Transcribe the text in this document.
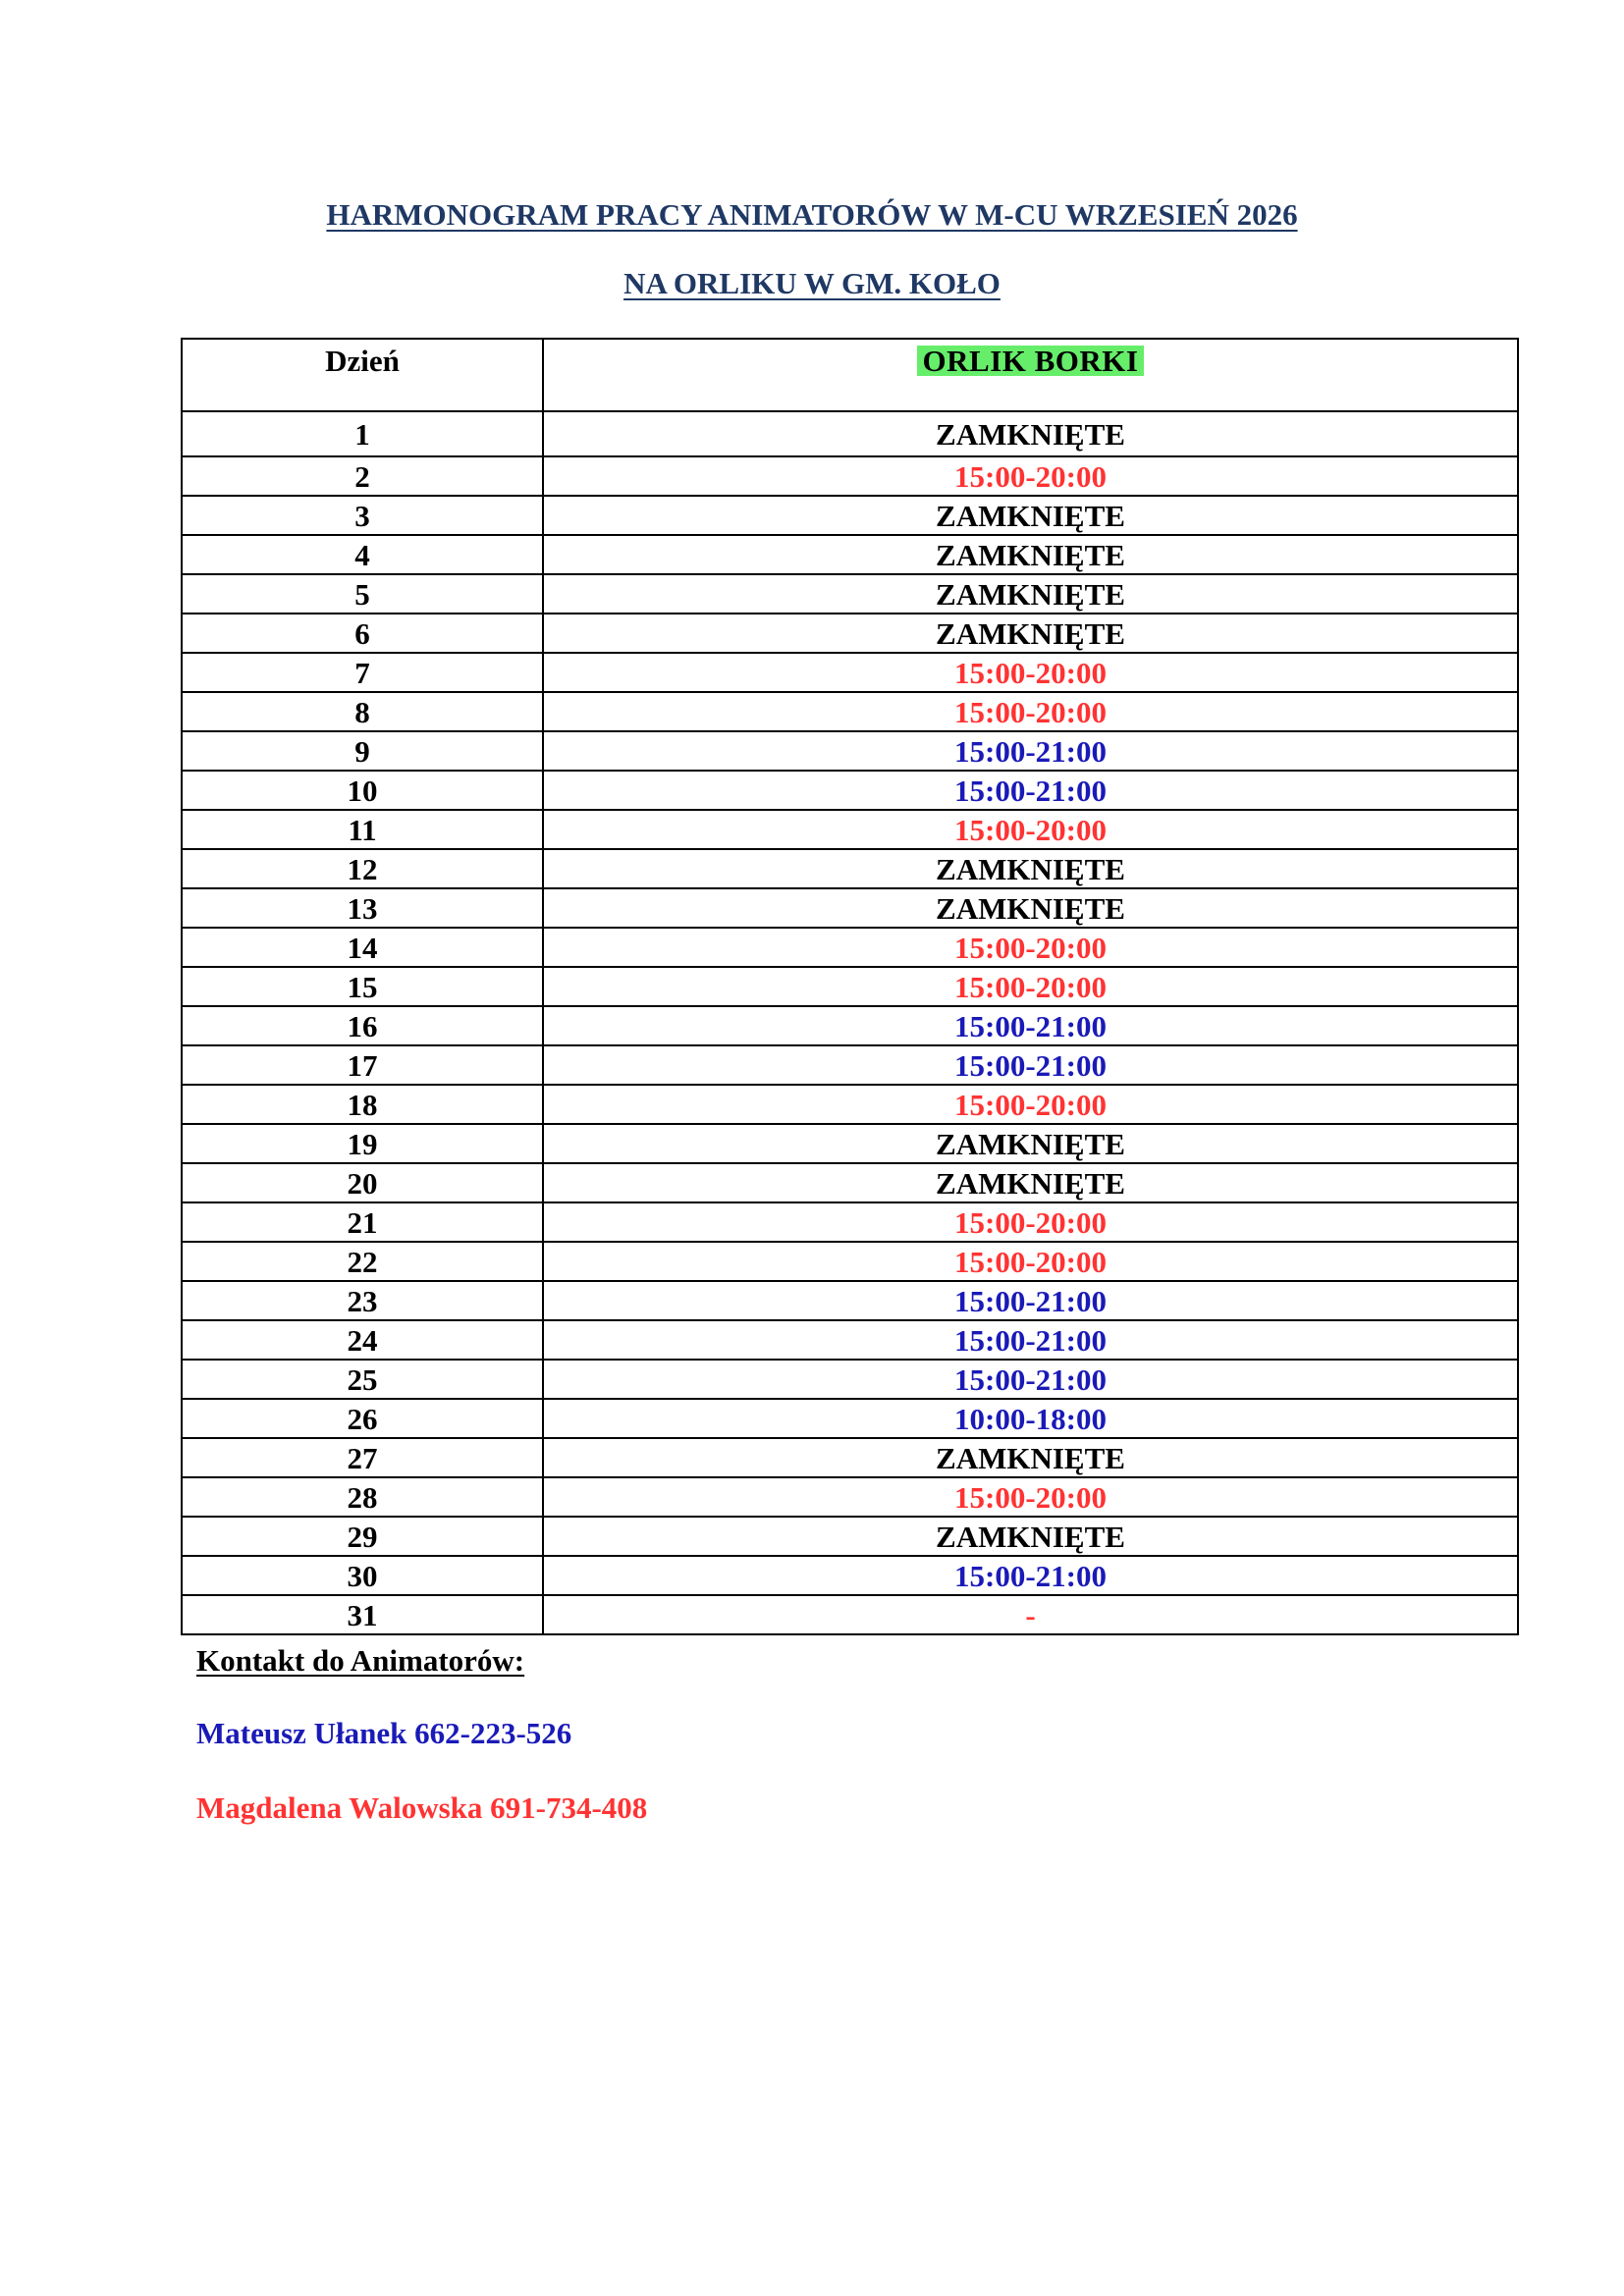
HARMONOGRAM PRACY ANIMATORÓW W M-CU WRZESIEŃ 2026
NA ORLIKU W GM. KOŁO
Dzień	ORLIK BORKI
1	ZAMKNIĘTE
2	15:00-20:00
3	ZAMKNIĘTE
4	ZAMKNIĘTE
5	ZAMKNIĘTE
6	ZAMKNIĘTE
7	15:00-20:00
8	15:00-20:00
9	15:00-21:00
10	15:00-21:00
11	15:00-20:00
12	ZAMKNIĘTE
13	ZAMKNIĘTE
14	15:00-20:00
15	15:00-20:00
16	15:00-21:00
17	15:00-21:00
18	15:00-20:00
19	ZAMKNIĘTE
20	ZAMKNIĘTE
21	15:00-20:00
22	15:00-20:00
23	15:00-21:00
24	15:00-21:00
25	15:00-21:00
26	10:00-18:00
27	ZAMKNIĘTE
28	15:00-20:00
29	ZAMKNIĘTE
30	15:00-21:00
31	-

Kontakt do Animatorów:

Mateusz Ułanek 662-223-526

Magdalena Walowska 691-734-408
